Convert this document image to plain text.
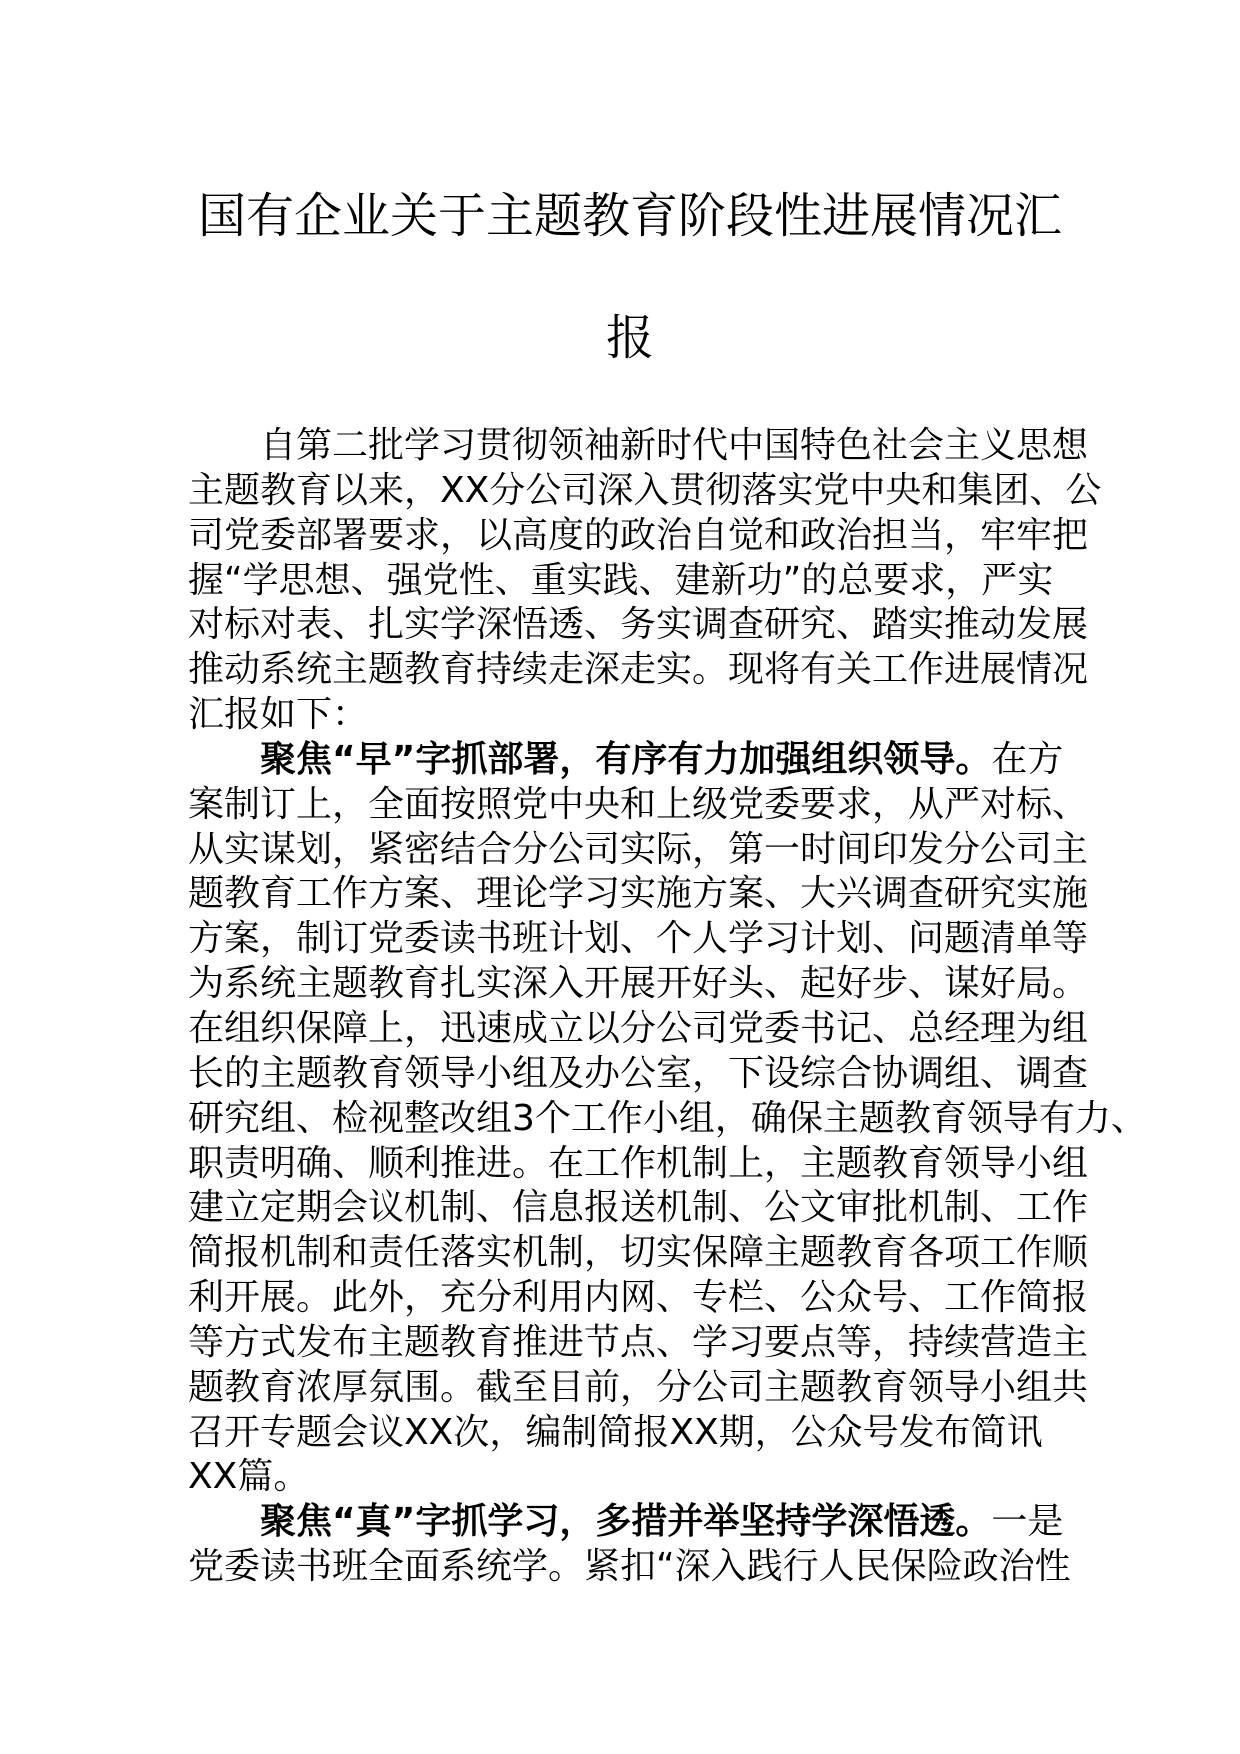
国有企业关于主题教育阶段性进展情况汇
报
自第二批学习贯彻领袖新时代中国特色社会主义思想
主题教育以来，XX分公司深入贯彻落实党中央和集团、公
司党委部署要求，以高度的政治自觉和政治担当，牢牢把
握“学思想、强党性、重实践、建新功”的总要求，严实
对标对表、扎实学深悟透、务实调查研究、踏实推动发展
推动系统主题教育持续走深走实。现将有关工作进展情况
汇报如下：
聚焦“早”字抓部署，有序有力加强组织领导。在方
案制订上，全面按照党中央和上级党委要求，从严对标、
从实谋划，紧密结合分公司实际，第一时间印发分公司主
题教育工作方案、理论学习实施方案、大兴调查研究实施
方案，制订党委读书班计划、个人学习计划、问题清单等
为系统主题教育扎实深入开展开好头、起好步、谋好局。
在组织保障上，迅速成立以分公司党委书记、总经理为组
长的主题教育领导小组及办公室，下设综合协调组、调查
研究组、检视整改组3个工作小组，确保主题教育领导有力、
职责明确、顺利推进。在工作机制上，主题教育领导小组
建立定期会议机制、信息报送机制、公文审批机制、工作
简报机制和责任落实机制，切实保障主题教育各项工作顺
利开展。此外，充分利用内网、专栏、公众号、工作简报
等方式发布主题教育推进节点、学习要点等，持续营造主
题教育浓厚氛围。截至目前，分公司主题教育领导小组共
召开专题会议XX次，编制简报XX期，公众号发布简讯
XX篇。
聚焦“真”字抓学习，多措并举坚持学深悟透。一是
党委读书班全面系统学。紧扣“深入践行人民保险政治性
